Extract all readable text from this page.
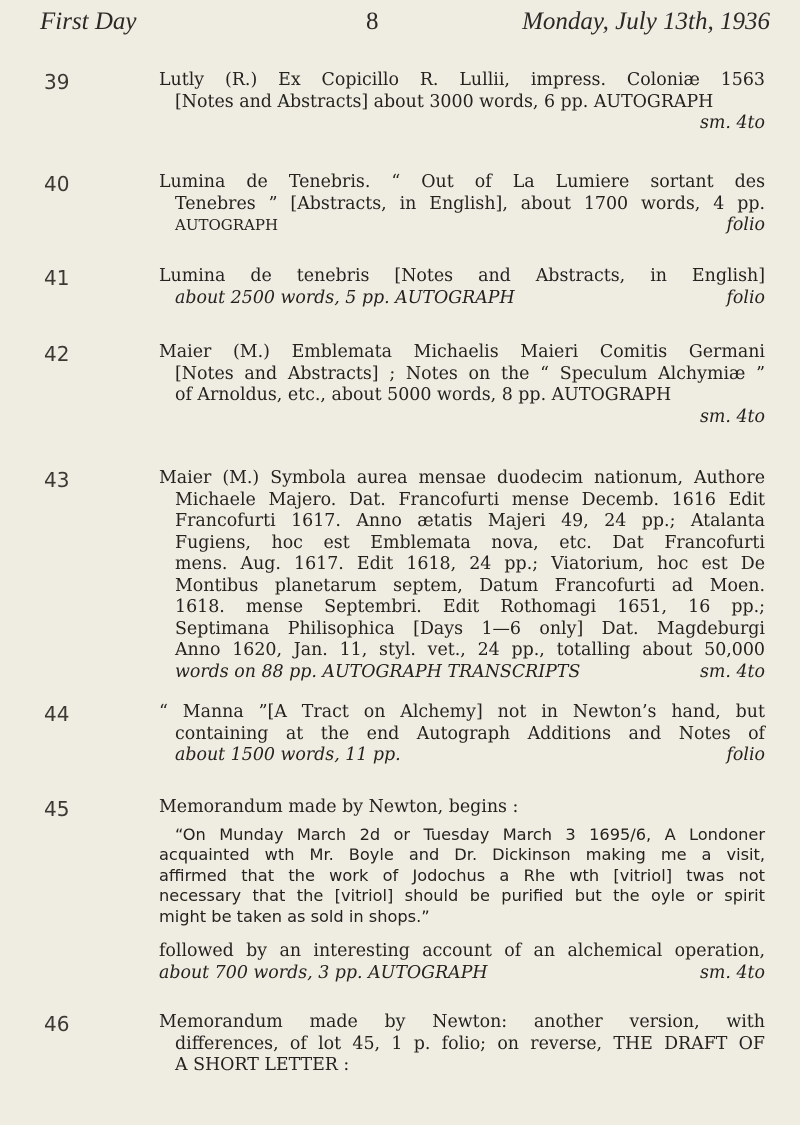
First Day	8	Monday, July 13th, 1936
39	Lutly (R.) Ex Copicillo R. Lullii, impress. Coloniæ 1563
[Notes and Abstracts] about 3000 words, 6 pp. AUTOGRAPH
sm. 4to
40	Lumina de Tenebris. “ Out of La Lumiere sortant des
Tenebres ” [Abstracts, in English], about 1700 words, 4 pp.
AUTOGRAPH	folio
41	Lumina de tenebris [Notes and Abstracts, in English]
about 2500 words, 5 pp. AUTOGRAPH	folio
42	Maier (M.) Emblemata Michaelis Maieri Comitis Germani
[Notes and Abstracts] ; Notes on the “ Speculum Alchymiæ ”
of Arnoldus, etc., about 5000 words, 8 pp. AUTOGRAPH
sm. 4to
43	Maier (M.) Symbola aurea mensae duodecim nationum, Authore
Michaele Majero. Dat. Francofurti mense Decemb. 1616 Edit
Francofurti 1617. Anno ætatis Majeri 49, 24 pp.; Atalanta
Fugiens, hoc est Emblemata nova, etc. Dat Francofurti
mens. Aug. 1617. Edit 1618, 24 pp.; Viatorium, hoc est De
Montibus planetarum septem, Datum Francofurti ad Moen.
1618. mense Septembri. Edit Rothomagi 1651, 16 pp.;
Septimana Philisophica [Days 1—6 only] Dat. Magdeburgi
Anno 1620, Jan. 11, styl. vet., 24 pp., totalling about 50,000
words on 88 pp. AUTOGRAPH TRANSCRIPTS	sm. 4to
44	“ Manna ”[A Tract on Alchemy] not in Newton’s hand, but
containing at the end Autograph Additions and Notes of
about 1500 words, 11 pp.	folio
45	Memorandum made by Newton, begins :
“On Munday March 2d or Tuesday March 3 1695/6, A Londoner
acquainted wth Mr. Boyle and Dr. Dickinson making me a visit,
affirmed that the work of Jodochus a Rhe wth [vitriol] twas not
necessary that the [vitriol] should be purified but the oyle or spirit
might be taken as sold in shops.”
followed by an interesting account of an alchemical operation,
about 700 words, 3 pp. AUTOGRAPH	sm. 4to
46	Memorandum made by Newton: another version, with
differences, of lot 45, 1 p. folio; on reverse, THE DRAFT OF
A SHORT LETTER :
